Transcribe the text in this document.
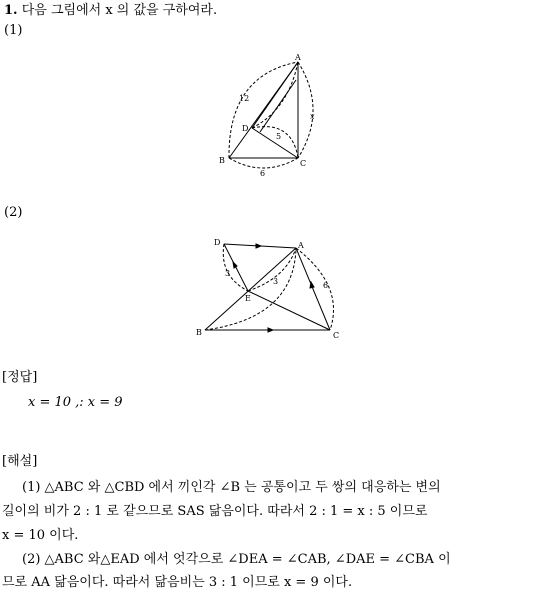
1. 다음 그림에서 x 의 값을 구하여라.
(1)
A
B	C
D
12
6
x
5
(2)
D	A
B	C
E
3
3	6
[정답]
x = 10 ,: x = 9
[해설]
(1) △ABC 와 △CBD 에서 끼인각 ∠B 는 공통이고 두 쌍의 대응하는 변의
길이의 비가 2 : 1 로 같으므로 SAS 닮음이다. 따라서 2 : 1 = x : 5 이므로
x = 10 이다.
(2) △ABC 와△EAD 에서 엇각으로 ∠DEA = ∠CAB, ∠DAE = ∠CBA 이
므로 AA 닮음이다. 따라서 닮음비는 3 : 1 이므로 x = 9 이다.
